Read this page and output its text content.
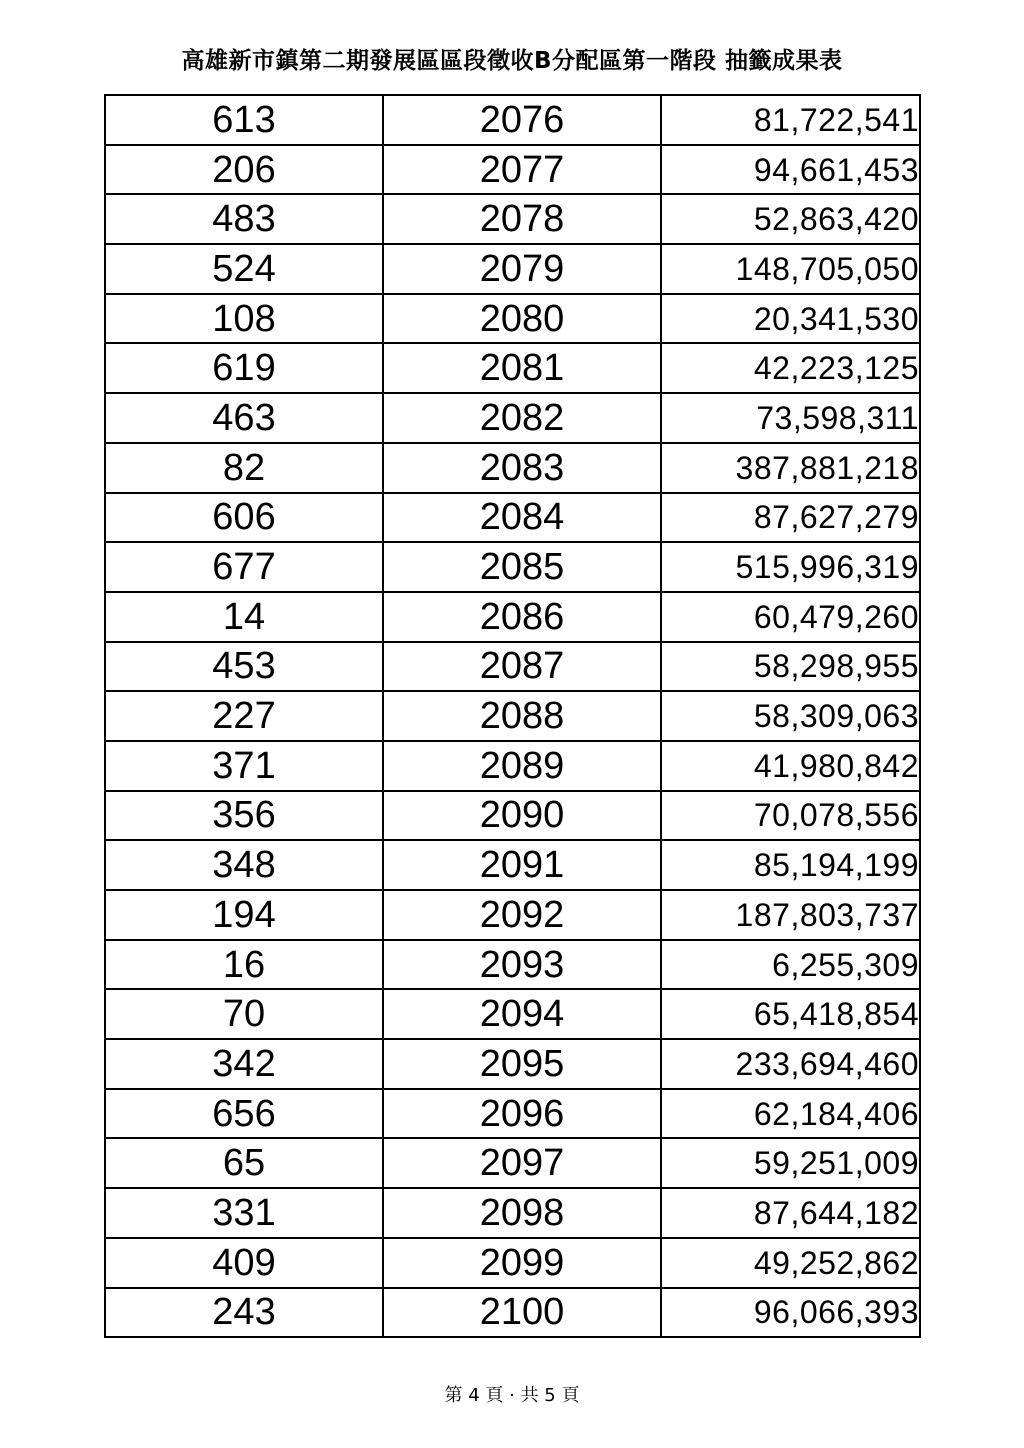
高雄新市鎮第二期發展區區段徵收B分配區第一階段 抽籤成果表
613	2076	81,722,541
206	2077	94,661,453
483	2078	52,863,420
524	2079	148,705,050
108	2080	20,341,530
619	2081	42,223,125
463	2082	73,598,311
82	2083	387,881,218
606	2084	87,627,279
677	2085	515,996,319
14	2086	60,479,260
453	2087	58,298,955
227	2088	58,309,063
371	2089	41,980,842
356	2090	70,078,556
348	2091	85,194,199
194	2092	187,803,737
16	2093	6,255,309
70	2094	65,418,854
342	2095	233,694,460
656	2096	62,184,406
65	2097	59,251,009
331	2098	87,644,182
409	2099	49,252,862
243	2100	96,066,393
第 4 頁 · 共 5 頁
